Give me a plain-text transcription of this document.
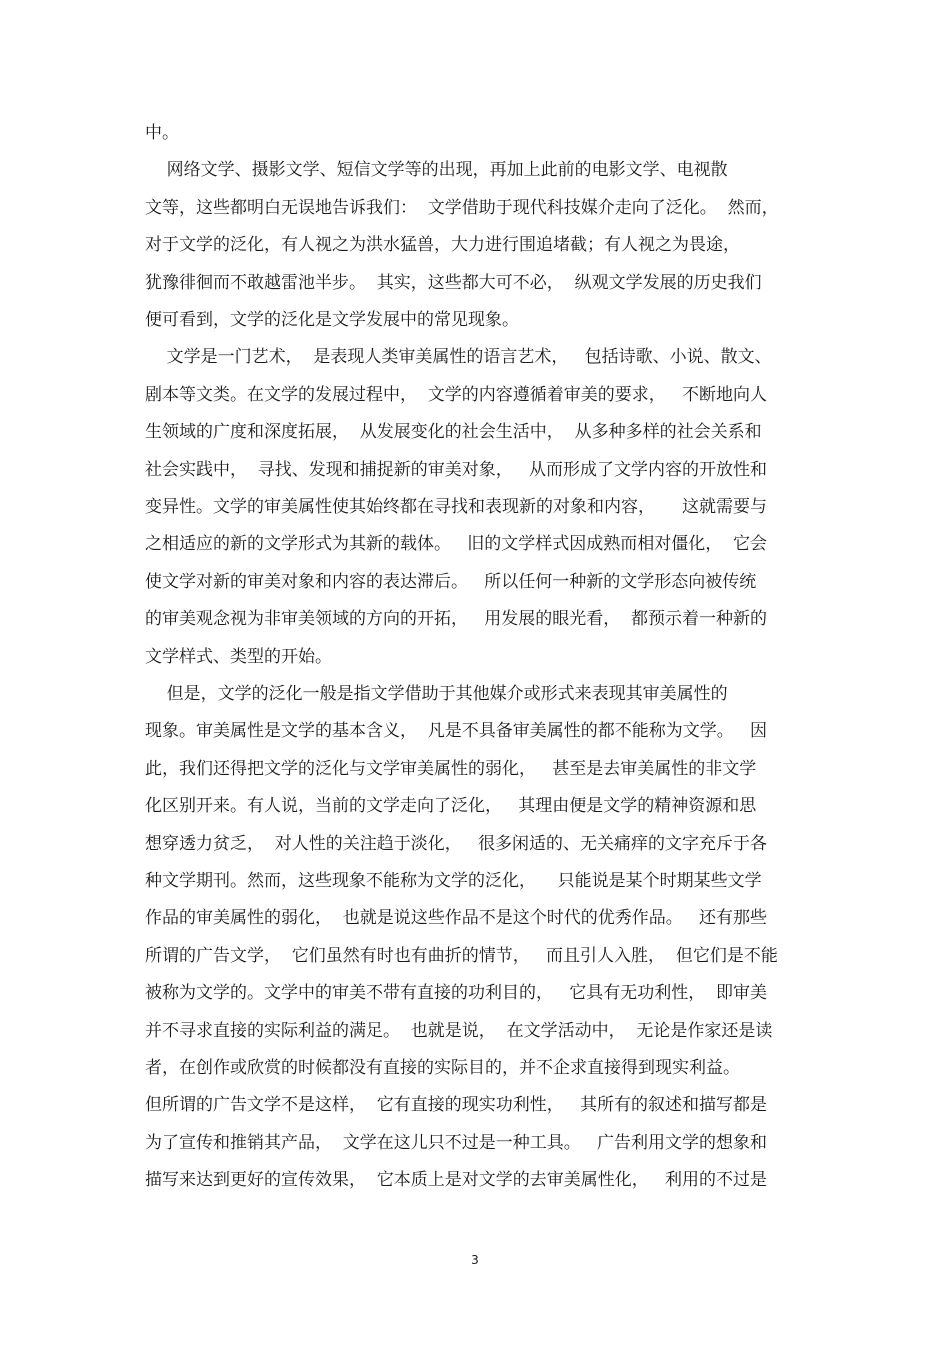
中。
网络文学、摄影文学、短信文学等的出现，再加上此前的电影文学、电视散
文等，这些都明白无误地告诉我们：  文学借助于现代科技媒介走向了泛化。  然而，
对于文学的泛化，有人视之为洪水猛兽，大力进行围追堵截；有人视之为畏途，
犹豫徘徊而不敢越雷池半步。  其实，这些都大可不必，  纵观文学发展的历史我们
便可看到，文学的泛化是文学发展中的常见现象。
文学是一门艺术，  是表现人类审美属性的语言艺术，   包括诗歌、小说、散文、
剧本等文类。在文学的发展过程中，  文学的内容遵循着审美的要求，   不断地向人
生领域的广度和深度拓展，  从发展变化的社会生活中，  从多种多样的社会关系和
社会实践中，  寻找、发现和捕捉新的审美对象，   从而形成了文学内容的开放性和
变异性。文学的审美属性使其始终都在寻找和表现新的对象和内容，     这就需要与
之相适应的新的文学形式为其新的载体。   旧的文学样式因成熟而相对僵化，  它会
使文学对新的审美对象和内容的表达滞后。   所以任何一种新的文学形态向被传统
的审美观念视为非审美领域的方向的开拓，   用发展的眼光看，  都预示着一种新的
文学样式、类型的开始。
但是，文学的泛化一般是指文学借助于其他媒介或形式来表现其审美属性的
现象。审美属性是文学的基本含义，  凡是不具备审美属性的都不能称为文学。   因
此，我们还得把文学的泛化与文学审美属性的弱化，   甚至是去审美属性的非文学
化区别开来。有人说，当前的文学走向了泛化，   其理由便是文学的精神资源和思
想穿透力贫乏，  对人性的关注趋于淡化，   很多闲适的、无关痛痒的文字充斥于各
种文学期刊。然而，这些现象不能称为文学的泛化，    只能说是某个时期某些文学
作品的审美属性的弱化，  也就是说这些作品不是这个时代的优秀作品。   还有那些
所谓的广告文学，  它们虽然有时也有曲折的情节，   而且引人入胜，  但它们是不能
被称为文学的。文学中的审美不带有直接的功利目的，   它具有无功利性，  即审美
并不寻求直接的实际利益的满足。  也就是说，  在文学活动中，  无论是作家还是读
者，在创作或欣赏的时候都没有直接的实际目的，并不企求直接得到现实利益。
但所谓的广告文学不是这样，  它有直接的现实功利性，   其所有的叙述和描写都是
为了宣传和推销其产品，  文学在这儿只不过是一种工具。   广告利用文学的想象和
描写来达到更好的宣传效果，  它本质上是对文学的去审美属性化，   利用的不过是
3
